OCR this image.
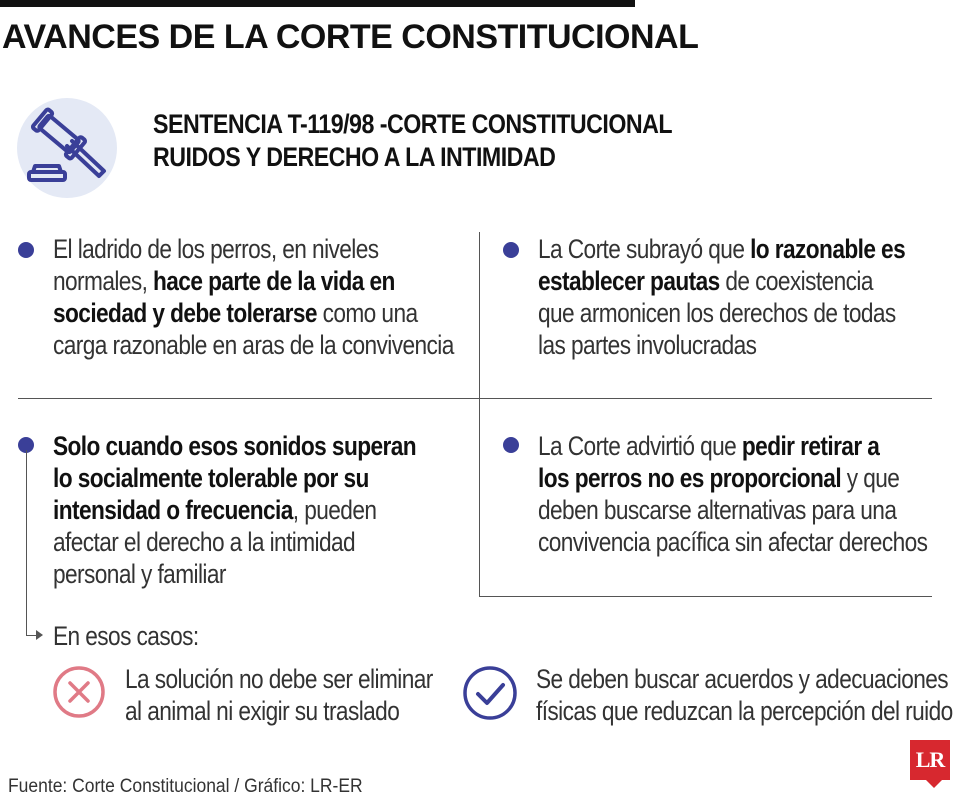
AVANCES DE LA CORTE CONSTITUCIONAL
SENTENCIA T-119/98 -CORTE CONSTITUCIONAL
RUIDOS Y DERECHO A LA INTIMIDAD

El ladrido de los perros, en niveles
normales, hace parte de la vida en
sociedad y debe tolerarse como una
carga razonable en aras de la convivencia

La Corte subrayó que lo razonable es
establecer pautas de coexistencia
que armonicen los derechos de todas
las partes involucradas

Solo cuando esos sonidos superan
lo socialmente tolerable por su
intensidad o frecuencia, pueden
afectar el derecho a la intimidad
personal y familiar

La Corte advirtió que pedir retirar a
los perros no es proporcional y que
deben buscarse alternativas para una
convivencia pacífica sin afectar derechos

En esos casos:

La solución no debe ser eliminar
al animal ni exigir su traslado

Se deben buscar acuerdos y adecuaciones
físicas que reduzcan la percepción del ruido

Fuente: Corte Constitucional / Gráfico: LR-ER

LR
